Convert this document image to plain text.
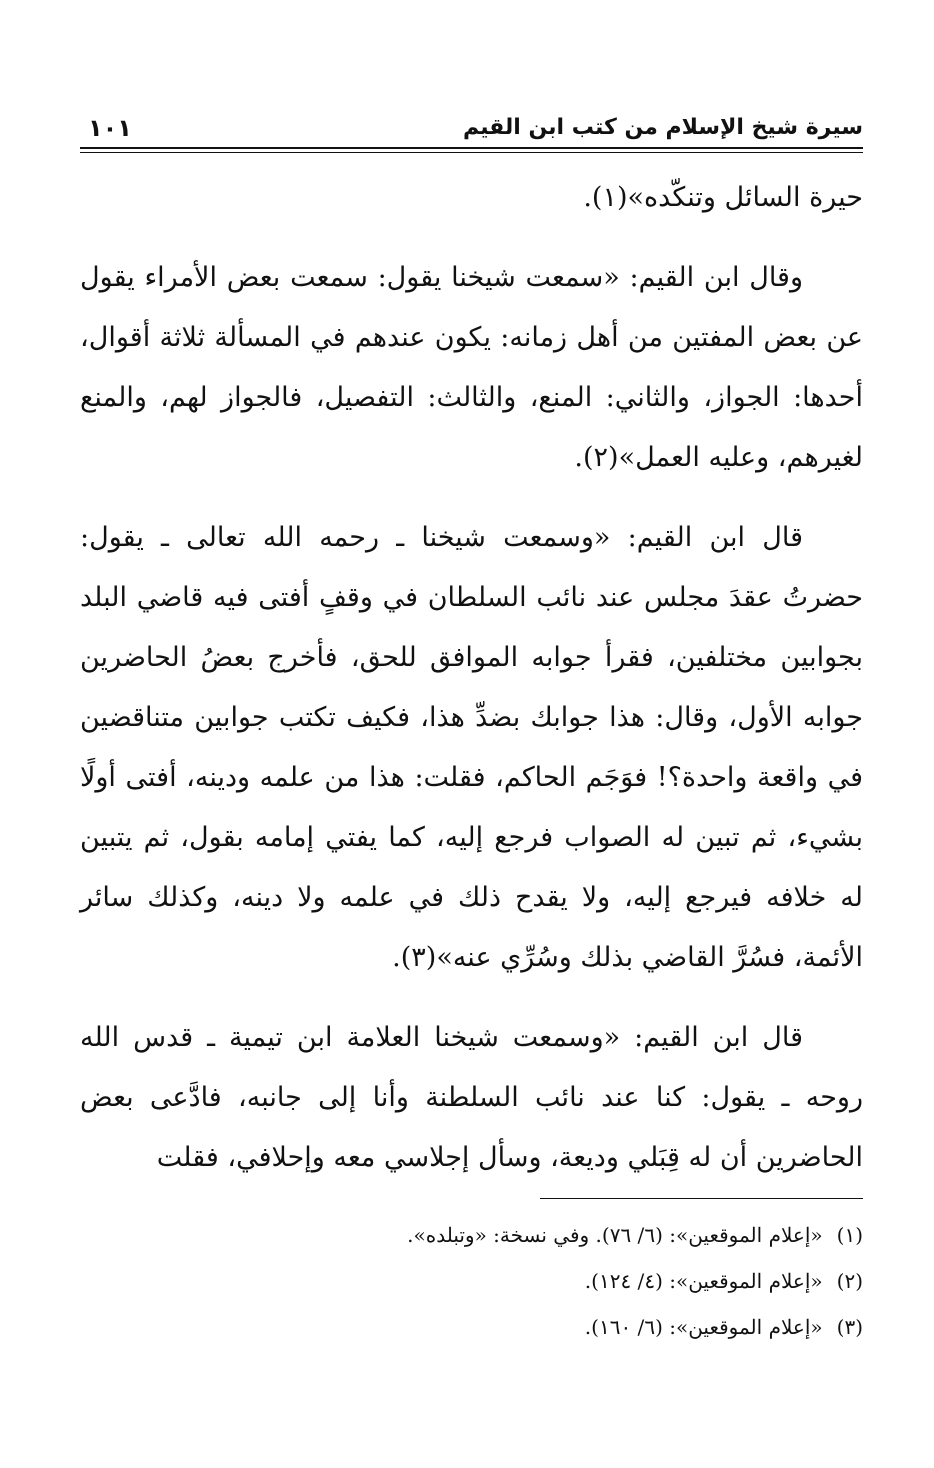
سيرة شيخ الإسلام من كتب ابن القيم
١٠١

حيرة السائل وتنكّده»(١).

وقال ابن القيم: «سمعت شيخنا يقول: سمعت بعض الأمراء يقول عن بعض المفتين من أهل زمانه: يكون عندهم في المسألة ثلاثة أقوال، أحدها: الجواز، والثاني: المنع، والثالث: التفصيل، فالجواز لهم، والمنع لغيرهم، وعليه العمل»(٢).

قال ابن القيم: «وسمعت شيخنا ـ رحمه الله تعالى ـ يقول: حضرتُ عقدَ مجلس عند نائب السلطان في وقفٍ أفتى فيه قاضي البلد بجوابين مختلفين، فقرأ جوابه الموافق للحق، فأخرج بعضُ الحاضرين جوابه الأول، وقال: هذا جوابك بضدِّ هذا، فكيف تكتب جوابين متناقضين في واقعة واحدة؟! فوَجَم الحاكم، فقلت: هذا من علمه ودينه، أفتى أولًا بشيء، ثم تبين له الصواب فرجع إليه، كما يفتي إمامه بقول، ثم يتبين له خلافه فيرجع إليه، ولا يقدح ذلك في علمه ولا دينه، وكذلك سائر الأئمة، فسُرَّ القاضي بذلك وسُرِّي عنه»(٣).

قال ابن القيم: «وسمعت شيخنا العلامة ابن تيمية ـ قدس الله روحه ـ يقول: كنا عند نائب السلطنة وأنا إلى جانبه، فادَّعى بعض الحاضرين أن له قِبَلي وديعة، وسأل إجلاسي معه وإحلافي، فقلت

(١)«إعلام الموقعين»: (٦/ ٧٦). وفي نسخة: «وتبلده».

(٢)«إعلام الموقعين»: (٤/ ١٢٤).

(٣)«إعلام الموقعين»: (٦/ ١٦٠).
